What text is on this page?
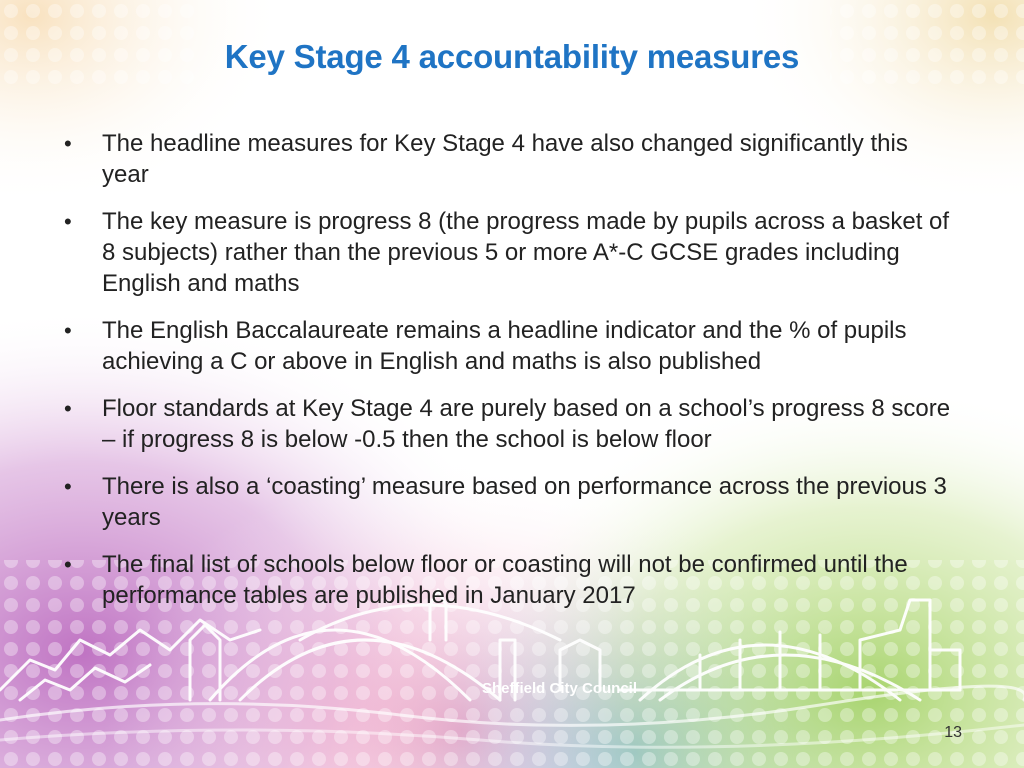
Sheffield City Council
Key Stage 4 accountability measures
• The headline measures for Key Stage 4 have also changed significantly this year
• The key measure is progress 8 (the progress made by pupils across a basket of 8 subjects) rather than the previous 5 or more A*-C GCSE grades including English and maths
• The English Baccalaureate remains a headline indicator and the % of pupils achieving a C or above in English and maths is also published
• Floor standards at Key Stage 4 are purely based on a school’s progress 8 score – if progress 8 is below -0.5 then the school is below floor
• There is also a ‘coasting’ measure based on performance across the previous 3 years
• The final list of schools below floor or coasting will not be confirmed until the performance tables are published in January 2017
13
